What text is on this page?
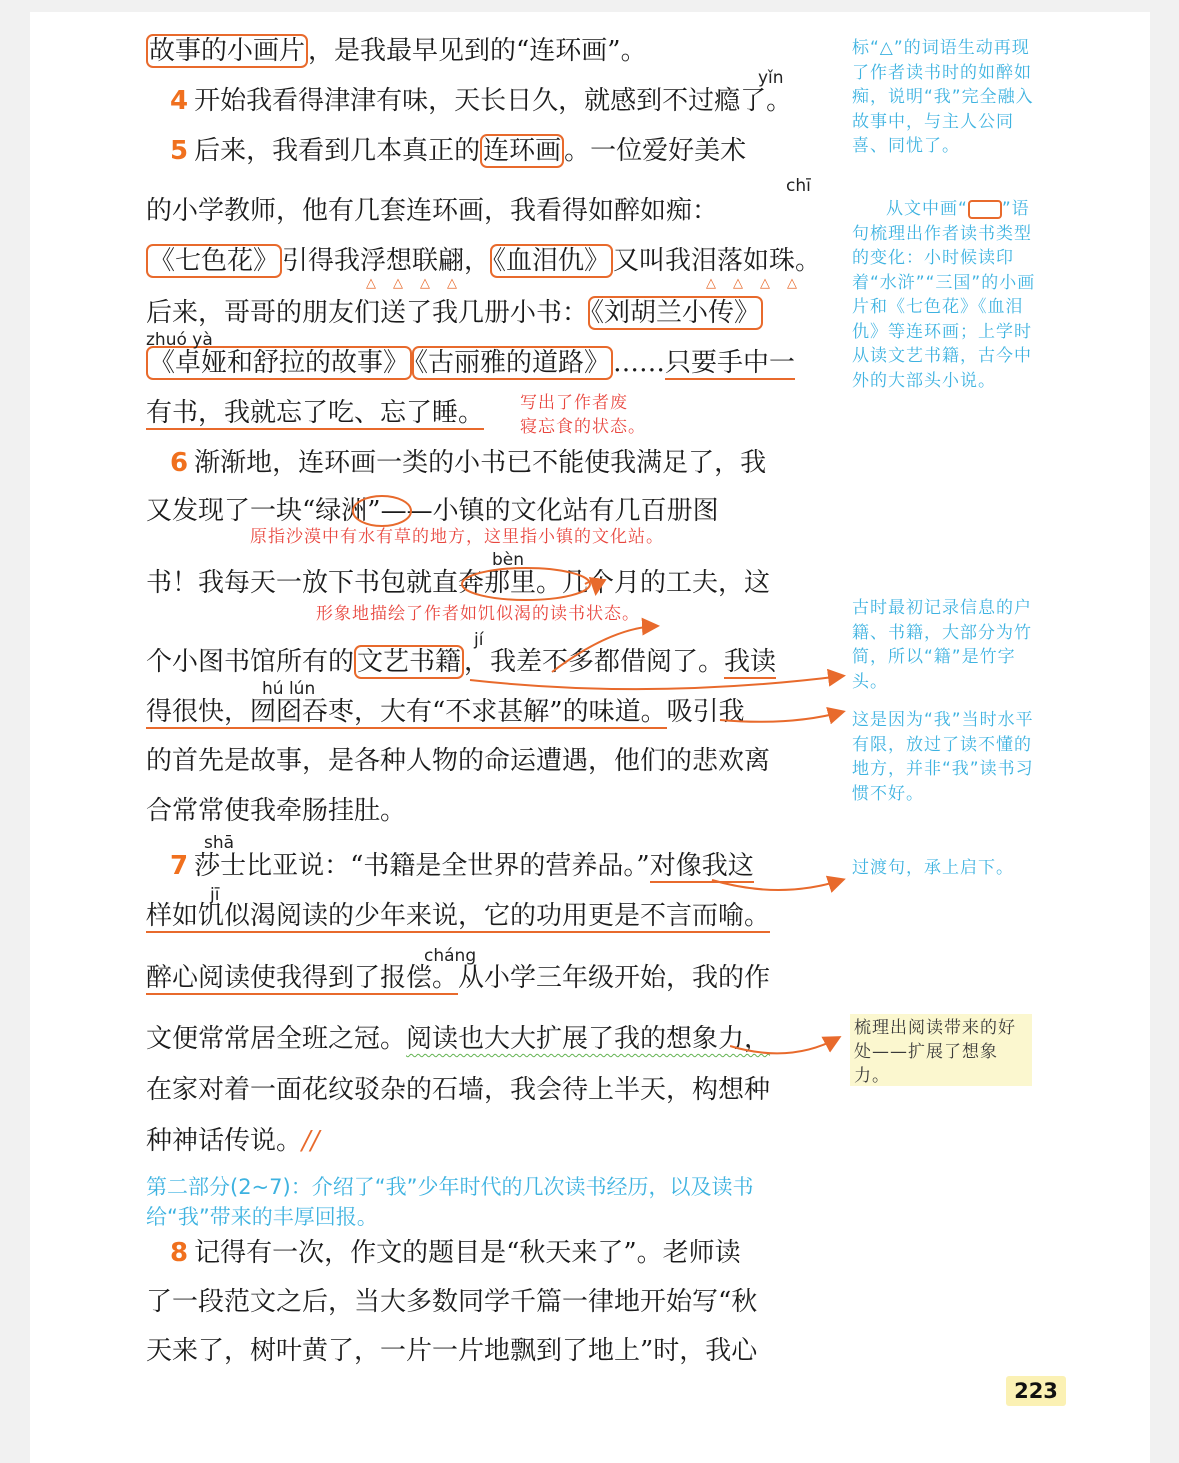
故事的小画片 ，是我最早见到的“连环画”。
4 开始我看得津津有味，天长日久，就感到不过瘾了。
5 后来，我看到几本真正的 连环画 。一位爱好美术
的小学教师，他有几套连环画，我看得如醉如痴：
《七色花》 引得我浮想联翩， 《血泪仇》 又叫我泪落如珠。
后来，哥哥的朋友们送了我几册小书： 《刘胡兰小传》
《卓娅和舒拉的故事》 《古丽雅的道路》 ……只要手中一
有书，我就忘了吃、忘了睡。
6 渐渐地，连环画一类的小书已不能使我满足了，我
又发现了一块“绿洲”——小镇的文化站有几百册图
书！我每天一放下书包就直奔那里。几个月的工夫，这
个小图书馆所有的 文艺书籍 ，我差不多都借阅了。我读
得很快，囫囵吞枣，大有“不求甚解”的味道。吸引我
的首先是故事，是各种人物的命运遭遇，他们的悲欢离
合常常使我牵肠挂肚。
7 莎士比亚说：“书籍是全世界的营养品。”对像我这
样如饥似渴阅读的少年来说，它的功用更是不言而喻。
醉心阅读使我得到了报偿。从小学三年级开始，我的作
文便常常居全班之冠。阅读也大大扩展了我的想象力，
在家对着一面花纹驳杂的石墙，我会待上半天，构想种
种神话传说。//
8 记得有一次，作文的题目是“秋天来了”。老师读
了一段范文之后，当大多数同学千篇一律地开始写“秋
天来了，树叶黄了，一片一片地飘到了地上”时，我心
yǐn
chī
zhuó yà
bèn
jí
hú lún
shā
jī
cháng
△△△△	△△△△
写出了作者废
寝忘食的状态。
原指沙漠中有水有草的地方，这里指小镇的文化站。
形象地描绘了作者如饥似渴的读书状态。
标“△”的词语生动再现了作者读书时的如醉如痴，说明“我”完全融入故事中，与主人公同喜、同忧了。
从文中画“ ”语句梳理出作者读书类型的变化：小时候读印着“水浒”“三国”的小画片和《七色花》《血泪仇》等连环画；上学时从读文艺书籍，古今中外的大部头小说。
古时最初记录信息的户籍、书籍，大部分为竹简，所以“籍”是竹字头。
这是因为“我”当时水平有限，放过了读不懂的地方，并非“我”读书习惯不好。
过渡句，承上启下。
梳理出阅读带来的好处——扩展了想象力。
第二部分(2~7)：介绍了“我”少年时代的几次读书经历，以及读书给“我”带来的丰厚回报。
223
